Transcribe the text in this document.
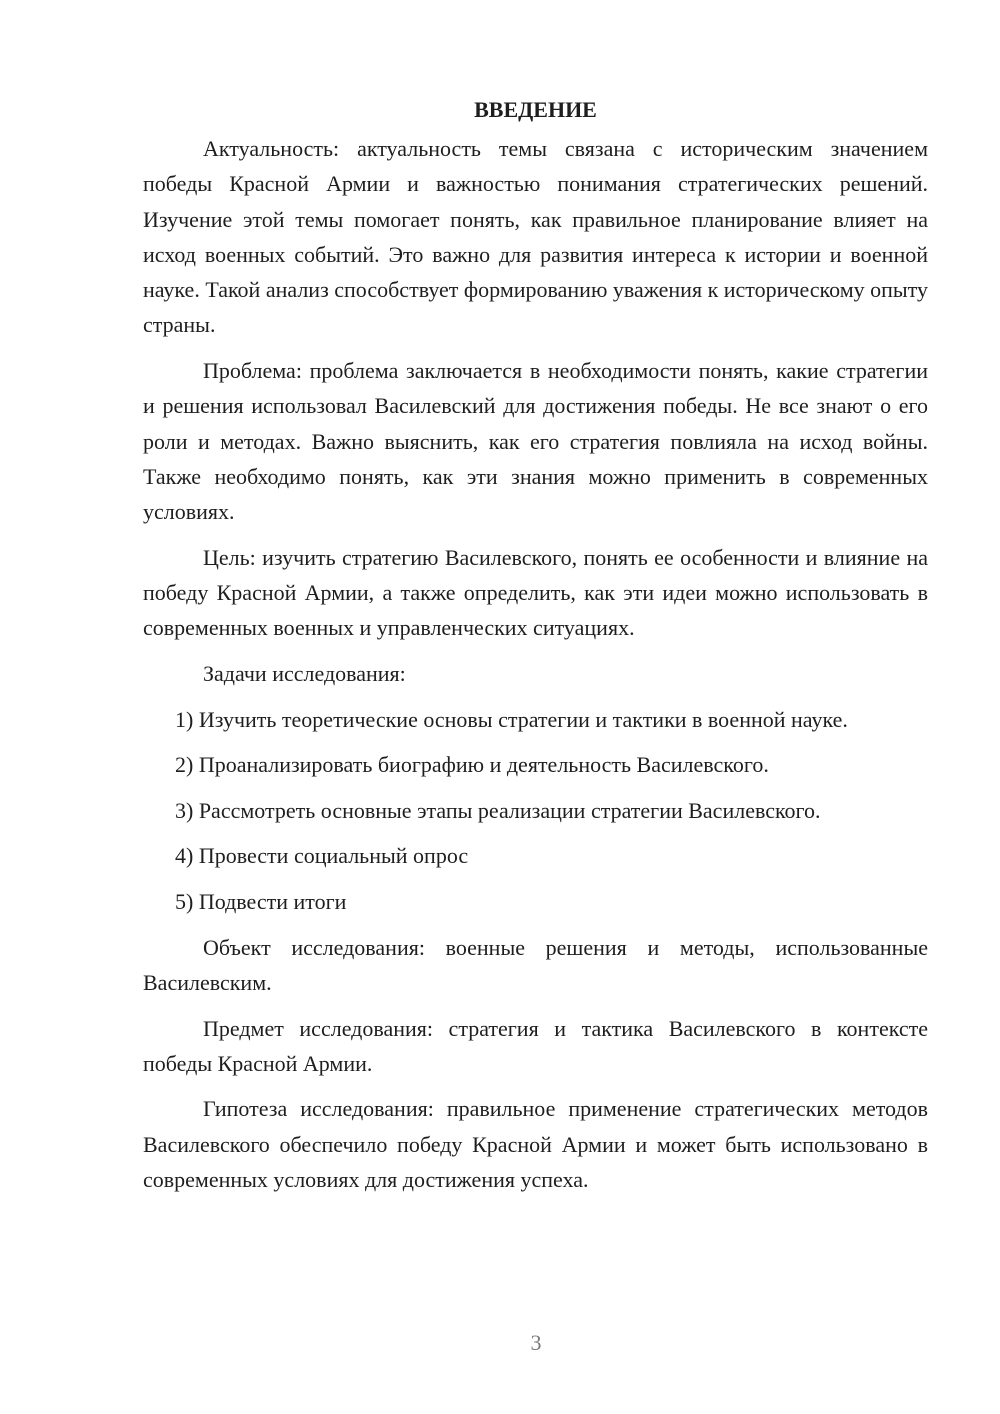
ВВЕДЕНИЕ

Актуальность: актуальность темы связана с историческим значением победы Красной Армии и важностью понимания стратегических решений. Изучение этой темы помогает понять, как правильное планирование влияет на исход военных событий. Это важно для развития интереса к истории и военной науке. Такой анализ способствует формированию уважения к историческому опыту страны.

Проблема: проблема заключается в необходимости понять, какие стратегии и решения использовал Василевский для достижения победы. Не все знают о его роли и методах. Важно выяснить, как его стратегия повлияла на исход войны. Также необходимо понять, как эти знания можно применить в современных условиях.

Цель: изучить стратегию Василевского, понять ее особенности и влияние на победу Красной Армии, а также определить, как эти идеи можно использовать в современных военных и управленческих ситуациях.

Задачи исследования:

1) Изучить теоретические основы стратегии и тактики в военной науке.

2) Проанализировать биографию и деятельность Василевского.

3) Рассмотреть основные этапы реализации стратегии Василевского.

4) Провести социальный опрос

5) Подвести итоги

Объект исследования: военные решения и методы, использованные Василевским.

Предмет исследования: стратегия и тактика Василевского в контексте победы Красной Армии.

Гипотеза исследования: правильное применение стратегических методов Василевского обеспечило победу Красной Армии и может быть использовано в современных условиях для достижения успеха.

3
